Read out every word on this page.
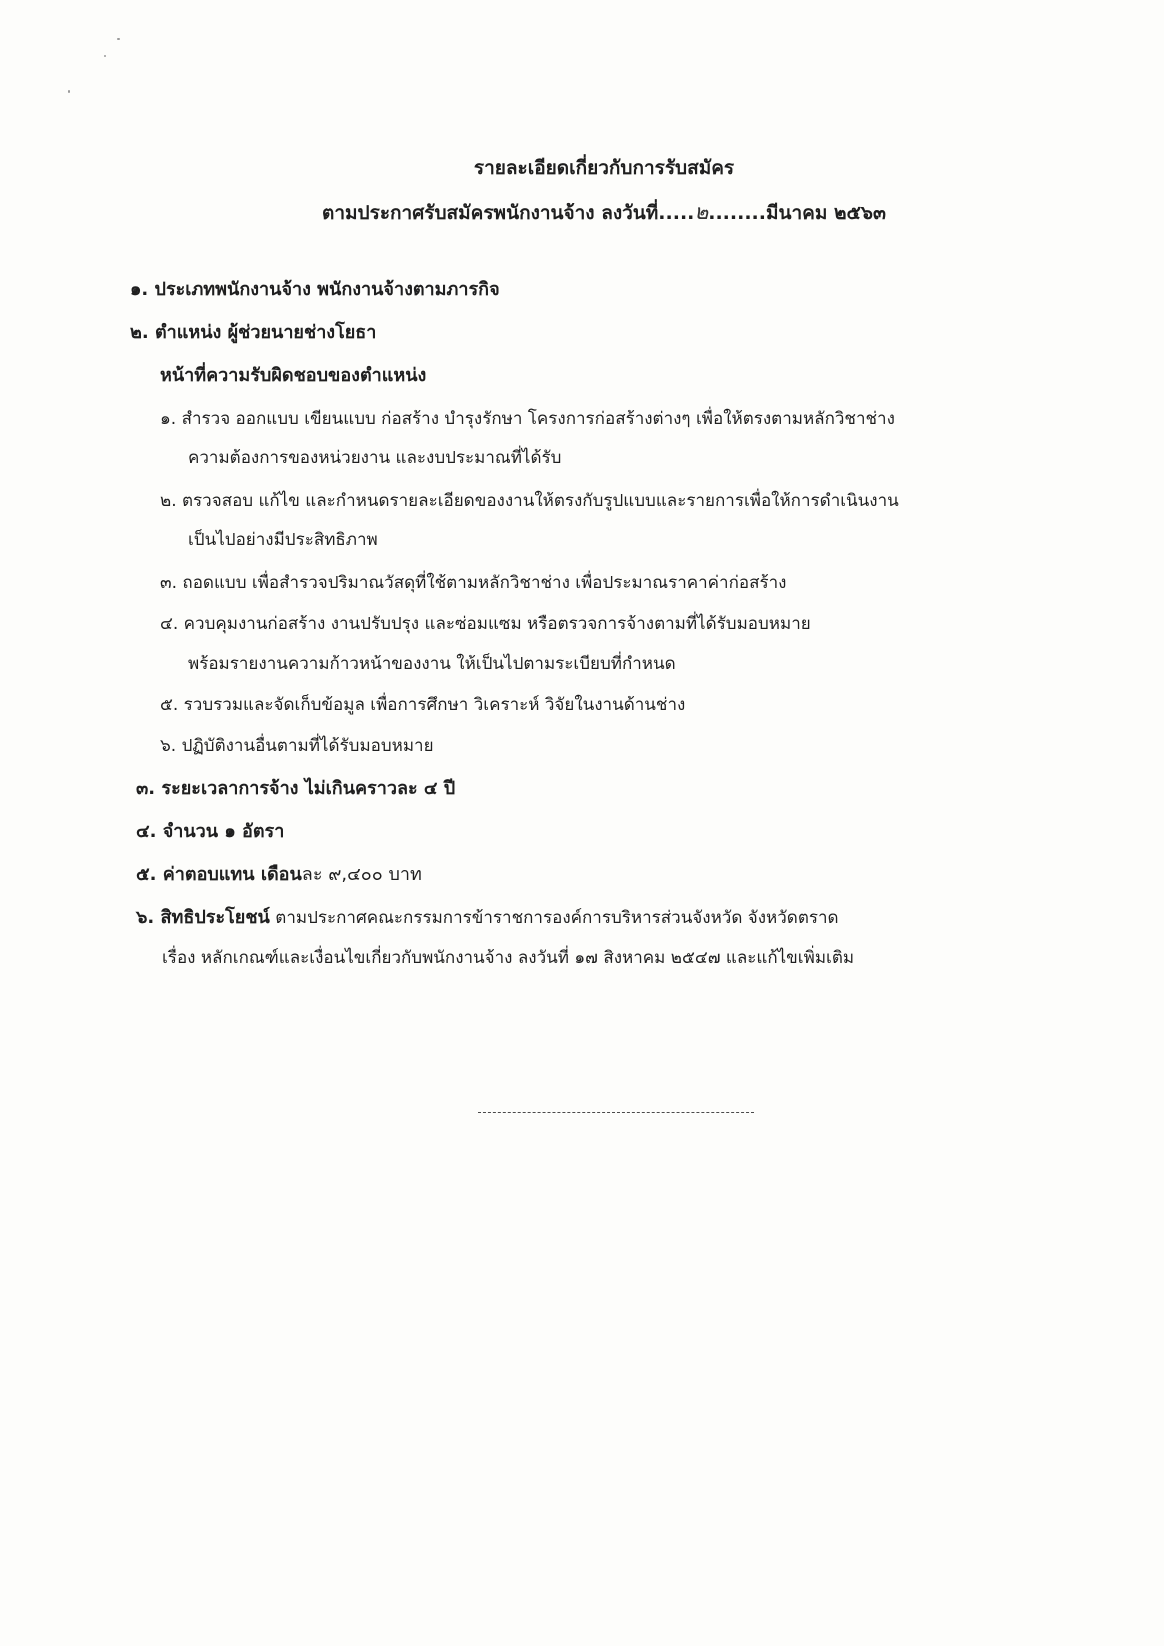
รายละเอียดเกี่ยวกับการรับสมัคร
ตามประกาศรับสมัครพนักงานจ้าง ลงวันที่.....๒........มีนาคม ๒๕๖๓
๑. ประเภทพนักงานจ้าง พนักงานจ้างตามภารกิจ
๒. ตำแหน่ง ผู้ช่วยนายช่างโยธา
หน้าที่ความรับผิดชอบของตำแหน่ง
๑. สำรวจ ออกแบบ เขียนแบบ ก่อสร้าง บำรุงรักษา โครงการก่อสร้างต่างๆ เพื่อให้ตรงตามหลักวิชาช่าง
ความต้องการของหน่วยงาน และงบประมาณที่ได้รับ
๒. ตรวจสอบ แก้ไข และกำหนดรายละเอียดของงานให้ตรงกับรูปแบบและรายการเพื่อให้การดำเนินงาน
เป็นไปอย่างมีประสิทธิภาพ
๓. ถอดแบบ เพื่อสำรวจปริมาณวัสดุที่ใช้ตามหลักวิชาช่าง เพื่อประมาณราคาค่าก่อสร้าง
๔. ควบคุมงานก่อสร้าง งานปรับปรุง และซ่อมแซม หรือตรวจการจ้างตามที่ได้รับมอบหมาย
พร้อมรายงานความก้าวหน้าของงาน ให้เป็นไปตามระเบียบที่กำหนด
๕. รวบรวมและจัดเก็บข้อมูล เพื่อการศึกษา วิเคราะห์ วิจัยในงานด้านช่าง
๖. ปฏิบัติงานอื่นตามที่ได้รับมอบหมาย
๓. ระยะเวลาการจ้าง ไม่เกินคราวละ ๔ ปี
๔. จำนวน ๑ อัตรา
๕. ค่าตอบแทน เดือนละ ๙,๔๐๐ บาท
๖. สิทธิประโยชน์ ตามประกาศคณะกรรมการข้าราชการองค์การบริหารส่วนจังหวัด จังหวัดตราด
เรื่อง หลักเกณฑ์และเงื่อนไขเกี่ยวกับพนักงานจ้าง ลงวันที่ ๑๗ สิงหาคม ๒๕๔๗ และแก้ไขเพิ่มเติม
